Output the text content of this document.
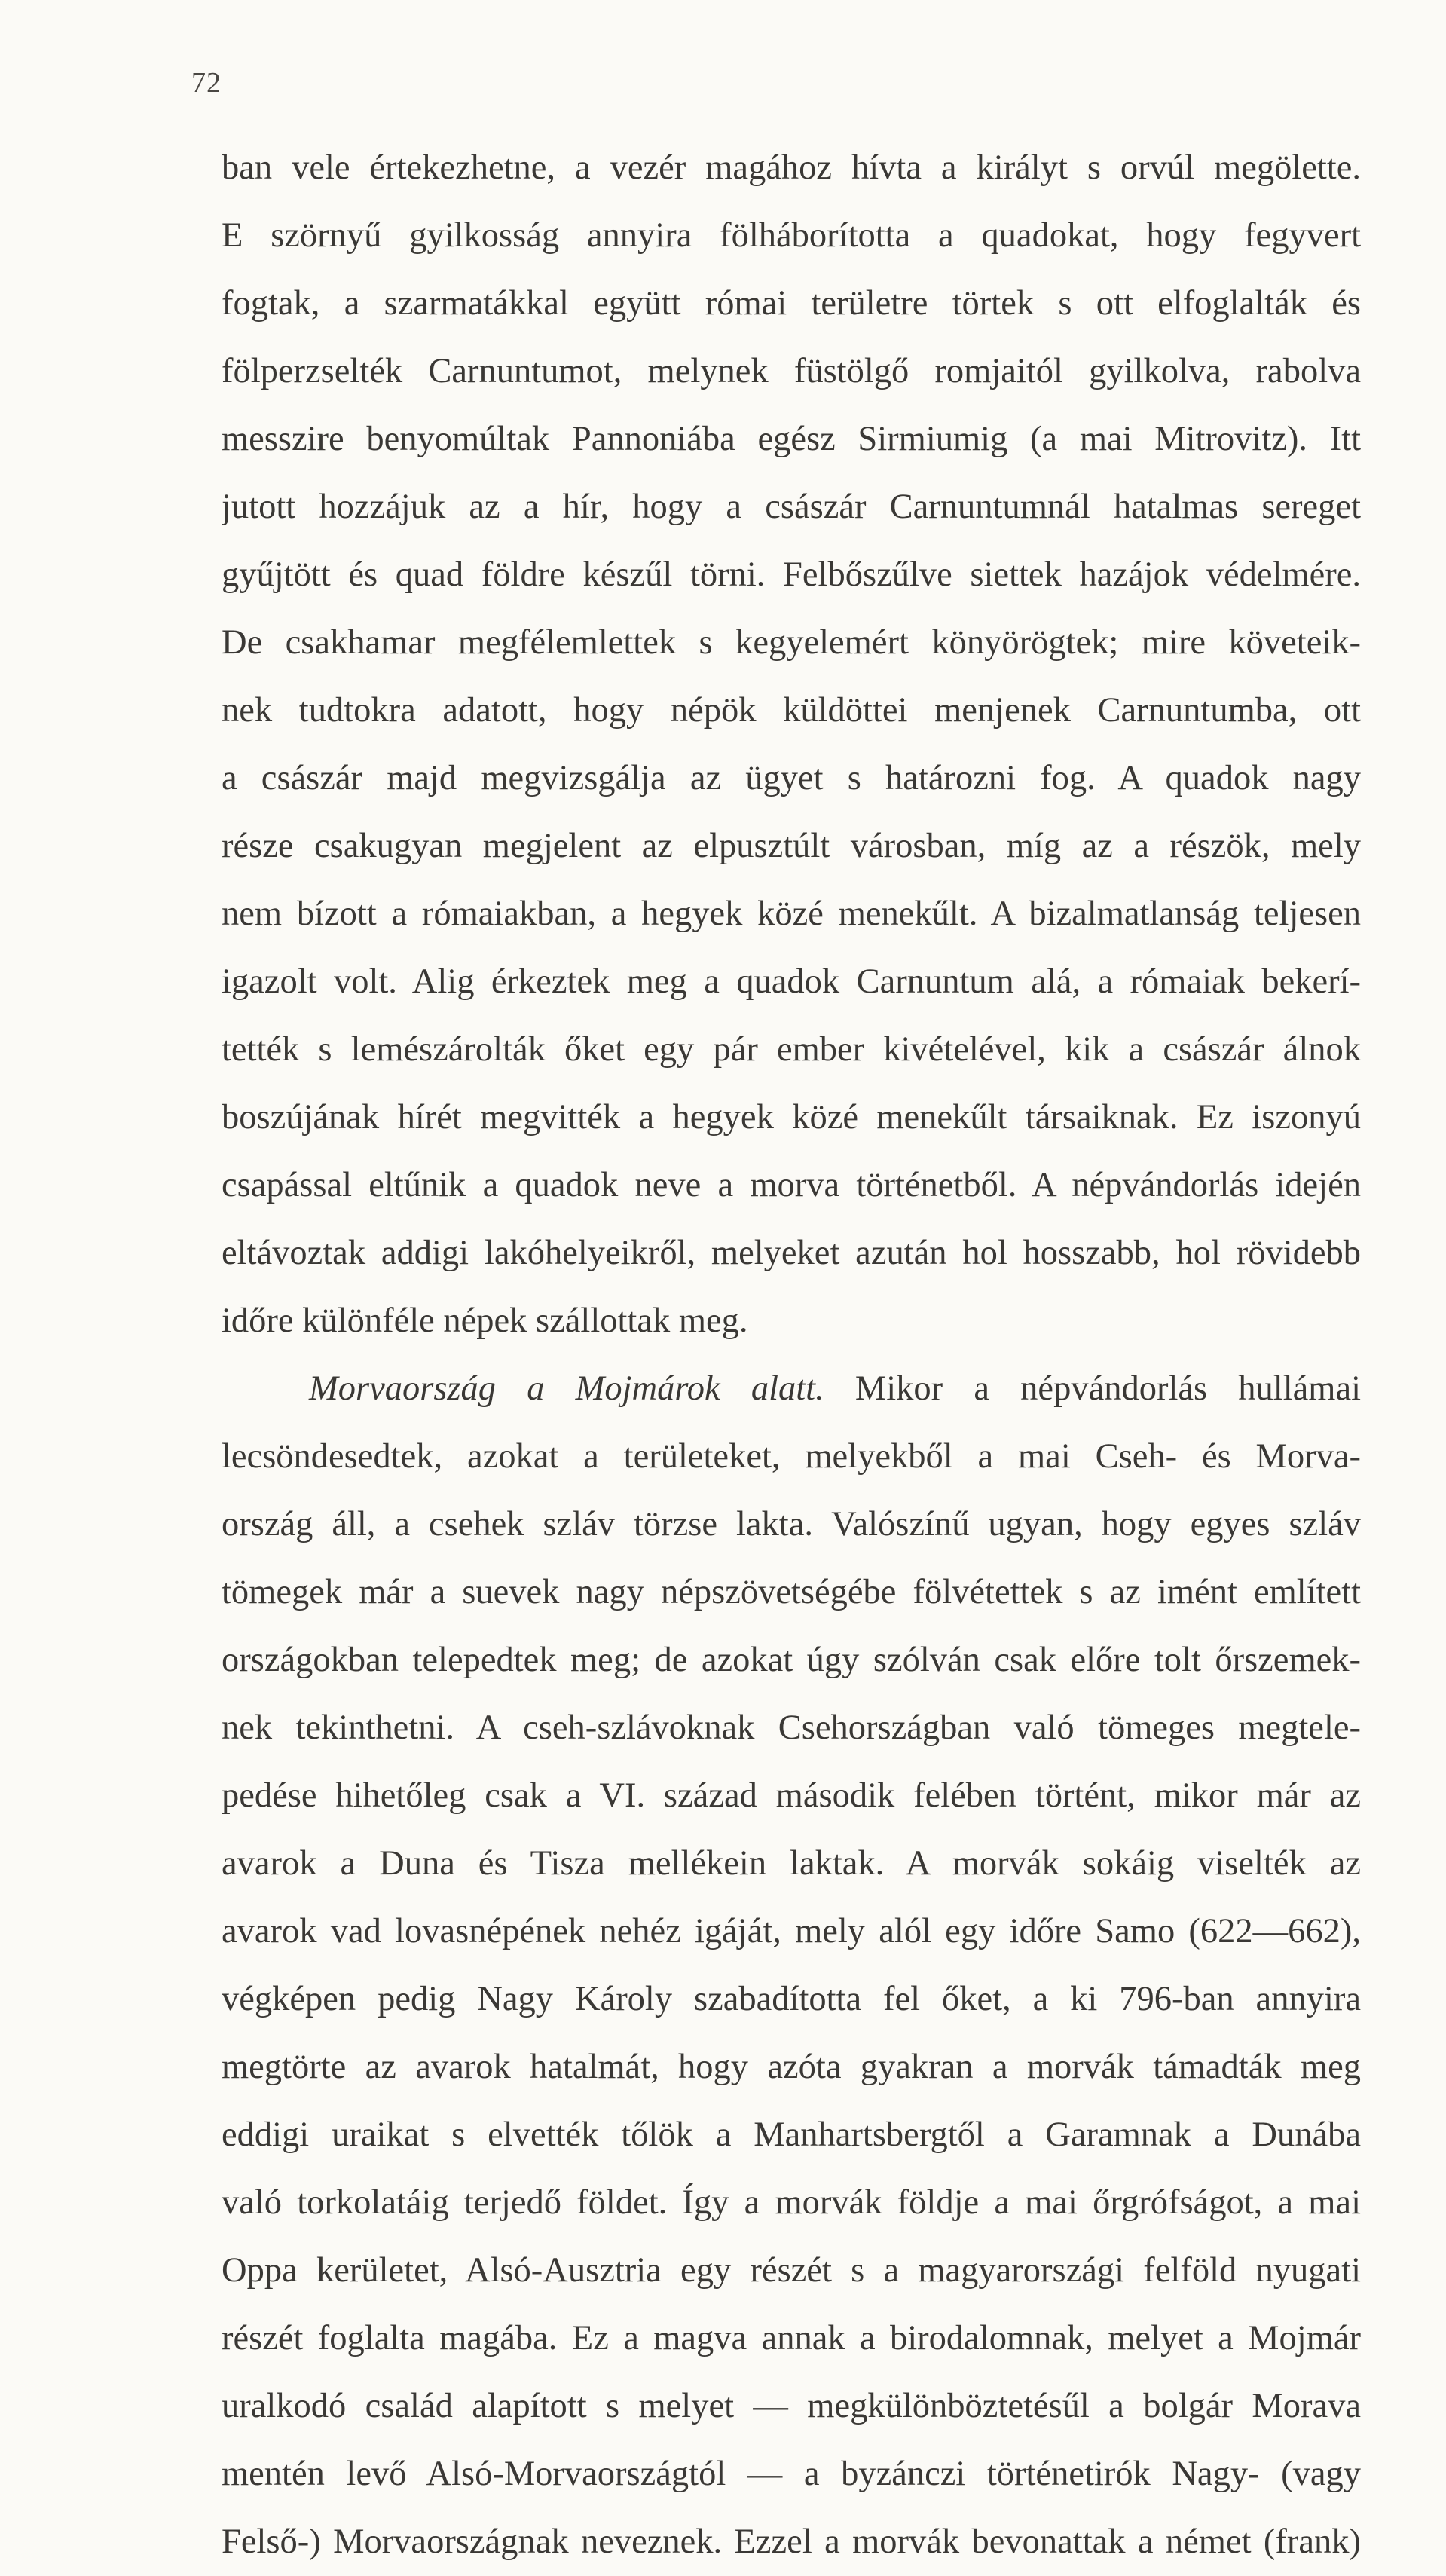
72
ban vele értekezhetne, a vezér magához hívta a királyt s orvúl megölette.
E szörnyű gyilkosság annyira fölháborította a quadokat, hogy fegyvert
fogtak, a szarmatákkal együtt római területre törtek s ott elfoglalták és
fölperzselték Carnuntumot, melynek füstölgő romjaitól gyilkolva, rabolva
messzire benyomúltak Pannoniába egész Sirmiumig (a mai Mitrovitz). Itt
jutott hozzájuk az a hír, hogy a császár Carnuntumnál hatalmas sereget
gyűjtött és quad földre készűl törni. Felbőszűlve siettek hazájok védelmére.
De csakhamar megfélemlettek s kegyelemért könyörögtek; mire követeik-
nek tudtokra adatott, hogy népök küldöttei menjenek Carnuntumba, ott
a császár majd megvizsgálja az ügyet s határozni fog. A quadok nagy
része csakugyan megjelent az elpusztúlt városban, míg az a részök, mely
nem bízott a rómaiakban, a hegyek közé menekűlt. A bizalmatlanság teljesen
igazolt volt. Alig érkeztek meg a quadok Carnuntum alá, a rómaiak bekerí-
tették s lemészárolták őket egy pár ember kivételével, kik a császár álnok
boszújának hírét megvitték a hegyek közé menekűlt társaiknak. Ez iszonyú
csapással eltűnik a quadok neve a morva történetből. A népvándorlás idején
eltávoztak addigi lakóhelyeikről, melyeket azután hol hosszabb, hol rövidebb
időre különféle népek szállottak meg.
Morvaország a Mojmárok alatt. Mikor a népvándorlás hullámai
lecsöndesedtek, azokat a területeket, melyekből a mai Cseh- és Morva-
ország áll, a csehek szláv törzse lakta. Valószínű ugyan, hogy egyes szláv
tömegek már a suevek nagy népszövetségébe fölvétettek s az imént említett
országokban telepedtek meg; de azokat úgy szólván csak előre tolt őrszemek-
nek tekinthetni. A cseh-szlávoknak Csehországban való tömeges megtele-
pedése hihetőleg csak a VI. század második felében történt, mikor már az
avarok a Duna és Tisza mellékein laktak. A morvák sokáig viselték az
avarok vad lovasnépének nehéz igáját, mely alól egy időre Samo (622—662),
végképen pedig Nagy Károly szabadította fel őket, a ki 796-ban annyira
megtörte az avarok hatalmát, hogy azóta gyakran a morvák támadták meg
eddigi uraikat s elvették tőlök a Manhartsbergtől a Garamnak a Dunába
való torkolatáig terjedő földet. Így a morvák földje a mai őrgrófságot, a mai
Oppa kerületet, Alsó-Ausztria egy részét s a magyarországi felföld nyugati
részét foglalta magába. Ez a magva annak a birodalomnak, melyet a Mojmár
uralkodó család alapított s melyet — megkülönböztetésűl a bolgár Morava
mentén levő Alsó-Morvaországtól — a byzánczi történetirók Nagy- (vagy
Felső-) Morvaországnak neveznek. Ezzel a morvák bevonattak a német (frank)
